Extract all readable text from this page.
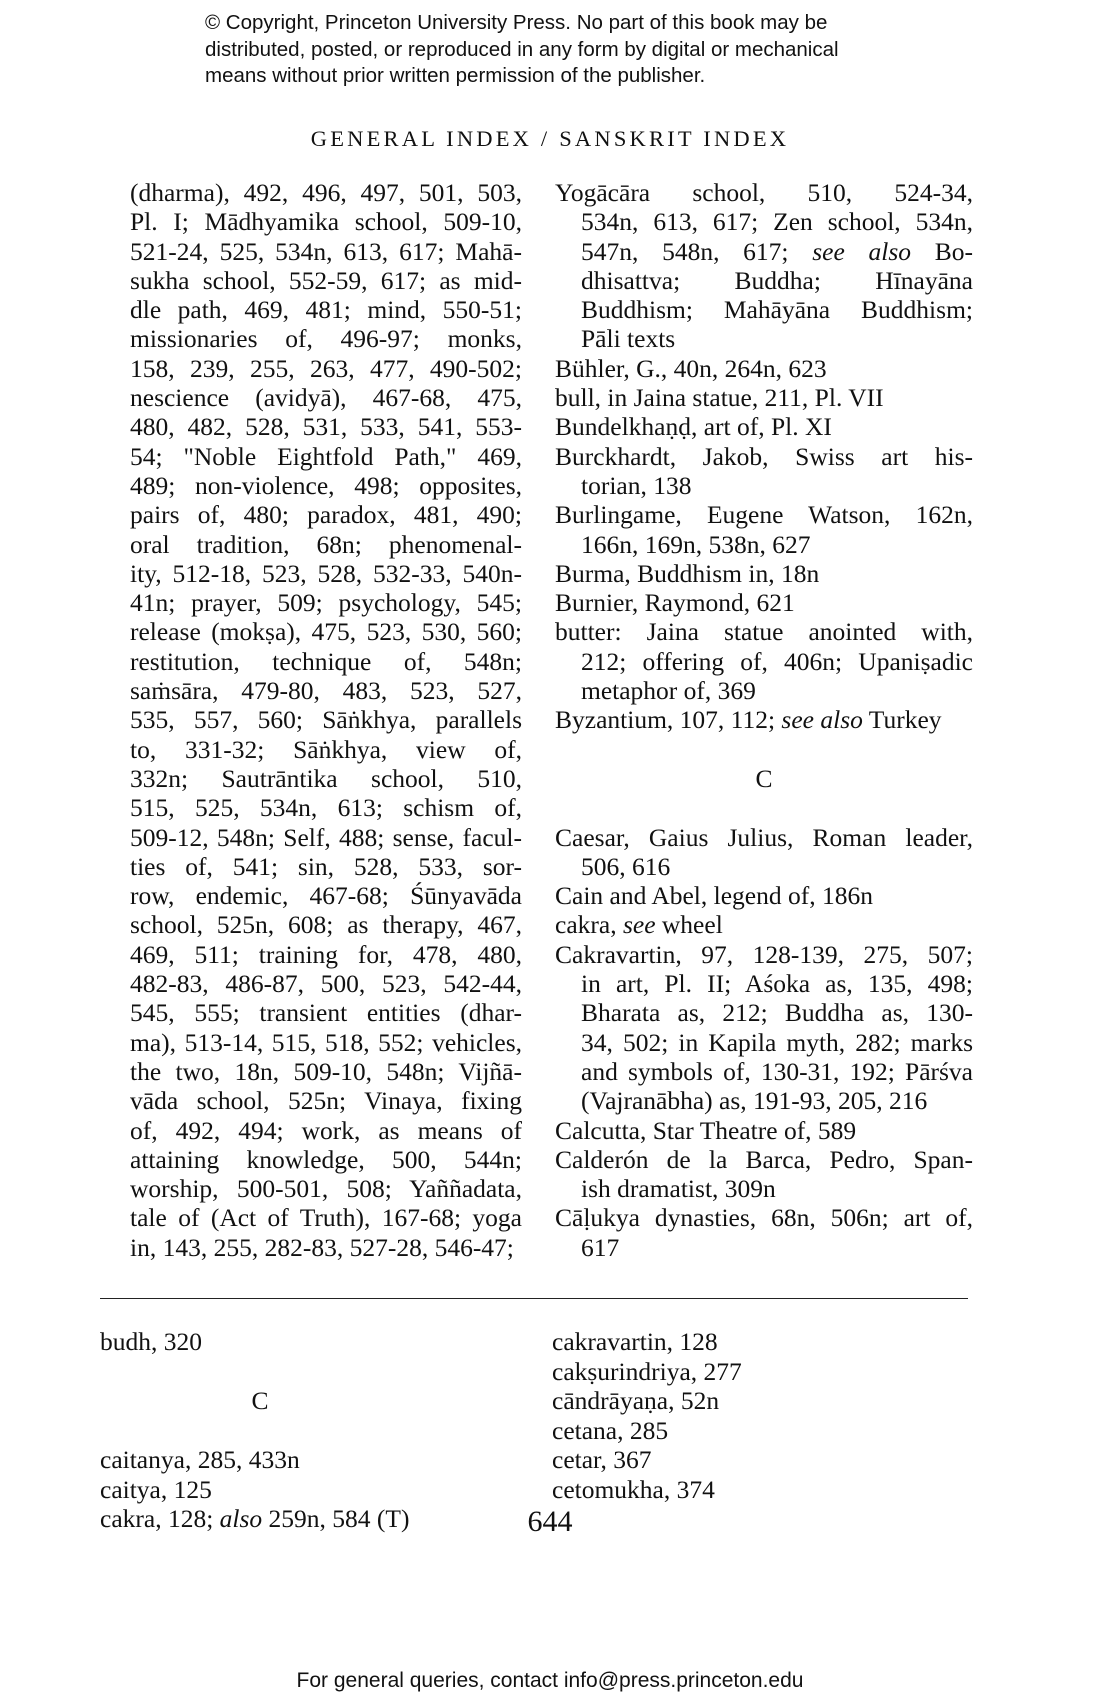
© Copyright, Princeton University Press. No part of this book may be
distributed, posted, or reproduced in any form by digital or mechanical
means without prior written permission of the publisher.
GENERAL INDEX / SANSKRIT INDEX
(dharma), 492, 496, 497, 501, 503,
Pl. I; Mādhyamika school, 509-10,
521-24, 525, 534n, 613, 617; Mahā-
sukha school, 552-59, 617; as mid-
dle path, 469, 481; mind, 550-51;
missionaries of, 496-97; monks,
158, 239, 255, 263, 477, 490-502;
nescience (avidyā), 467-68, 475,
480, 482, 528, 531, 533, 541, 553-
54; "Noble Eightfold Path," 469,
489; non-violence, 498; opposites,
pairs of, 480; paradox, 481, 490;
oral tradition, 68n; phenomenal-
ity, 512-18, 523, 528, 532-33, 540n-
41n; prayer, 509; psychology, 545;
release (mokṣa), 475, 523, 530, 560;
restitution, technique of, 548n;
saṁsāra, 479-80, 483, 523, 527,
535, 557, 560; Sāṅkhya, parallels
to, 331-32; Sāṅkhya, view of,
332n; Sautrāntika school, 510,
515, 525, 534n, 613; schism of,
509-12, 548n; Self, 488; sense, facul-
ties of, 541; sin, 528, 533, sor-
row, endemic, 467-68; Śūnyavāda
school, 525n, 608; as therapy, 467,
469, 511; training for, 478, 480,
482-83, 486-87, 500, 523, 542-44,
545, 555; transient entities (dhar-
ma), 513-14, 515, 518, 552; vehicles,
the two, 18n, 509-10, 548n; Vijñā-
vāda school, 525n; Vinaya, fixing
of, 492, 494; work, as means of
attaining knowledge, 500, 544n;
worship, 500-501, 508; Yaññadata,
tale of (Act of Truth), 167-68; yoga
in, 143, 255, 282-83, 527-28, 546-47;
Yogācāra school, 510, 524-34,
534n, 613, 617; Zen school, 534n,
547n, 548n, 617; see also Bo-
dhisattva; Buddha; Hīnayāna
Buddhism; Mahāyāna Buddhism;
Pāli texts
Bühler, G., 40n, 264n, 623
bull, in Jaina statue, 211, Pl. VII
Bundelkhaṇḍ, art of, Pl. XI
Burckhardt, Jakob, Swiss art his-
torian, 138
Burlingame, Eugene Watson, 162n,
166n, 169n, 538n, 627
Burma, Buddhism in, 18n
Burnier, Raymond, 621
butter: Jaina statue anointed with,
212; offering of, 406n; Upaniṣadic
metaphor of, 369
Byzantium, 107, 112; see also Turkey
C
Caesar, Gaius Julius, Roman leader,
506, 616
Cain and Abel, legend of, 186n
cakra, see wheel
Cakravartin, 97, 128-139, 275, 507;
in art, Pl. II; Aśoka as, 135, 498;
Bharata as, 212; Buddha as, 130-
34, 502; in Kapila myth, 282; marks
and symbols of, 130-31, 192; Pārśva
(Vajranābha) as, 191-93, 205, 216
Calcutta, Star Theatre of, 589
Calderón de la Barca, Pedro, Span-
ish dramatist, 309n
Cāḷukya dynasties, 68n, 506n; art of,
617
budh, 320
C
caitanya, 285, 433n
caitya, 125
cakra, 128; also 259n, 584 (T)
cakravartin, 128
cakṣurindriya, 277
cāndrāyaṇa, 52n
cetana, 285
cetar, 367
cetomukha, 374
644
For general queries, contact info@press.princeton.edu
